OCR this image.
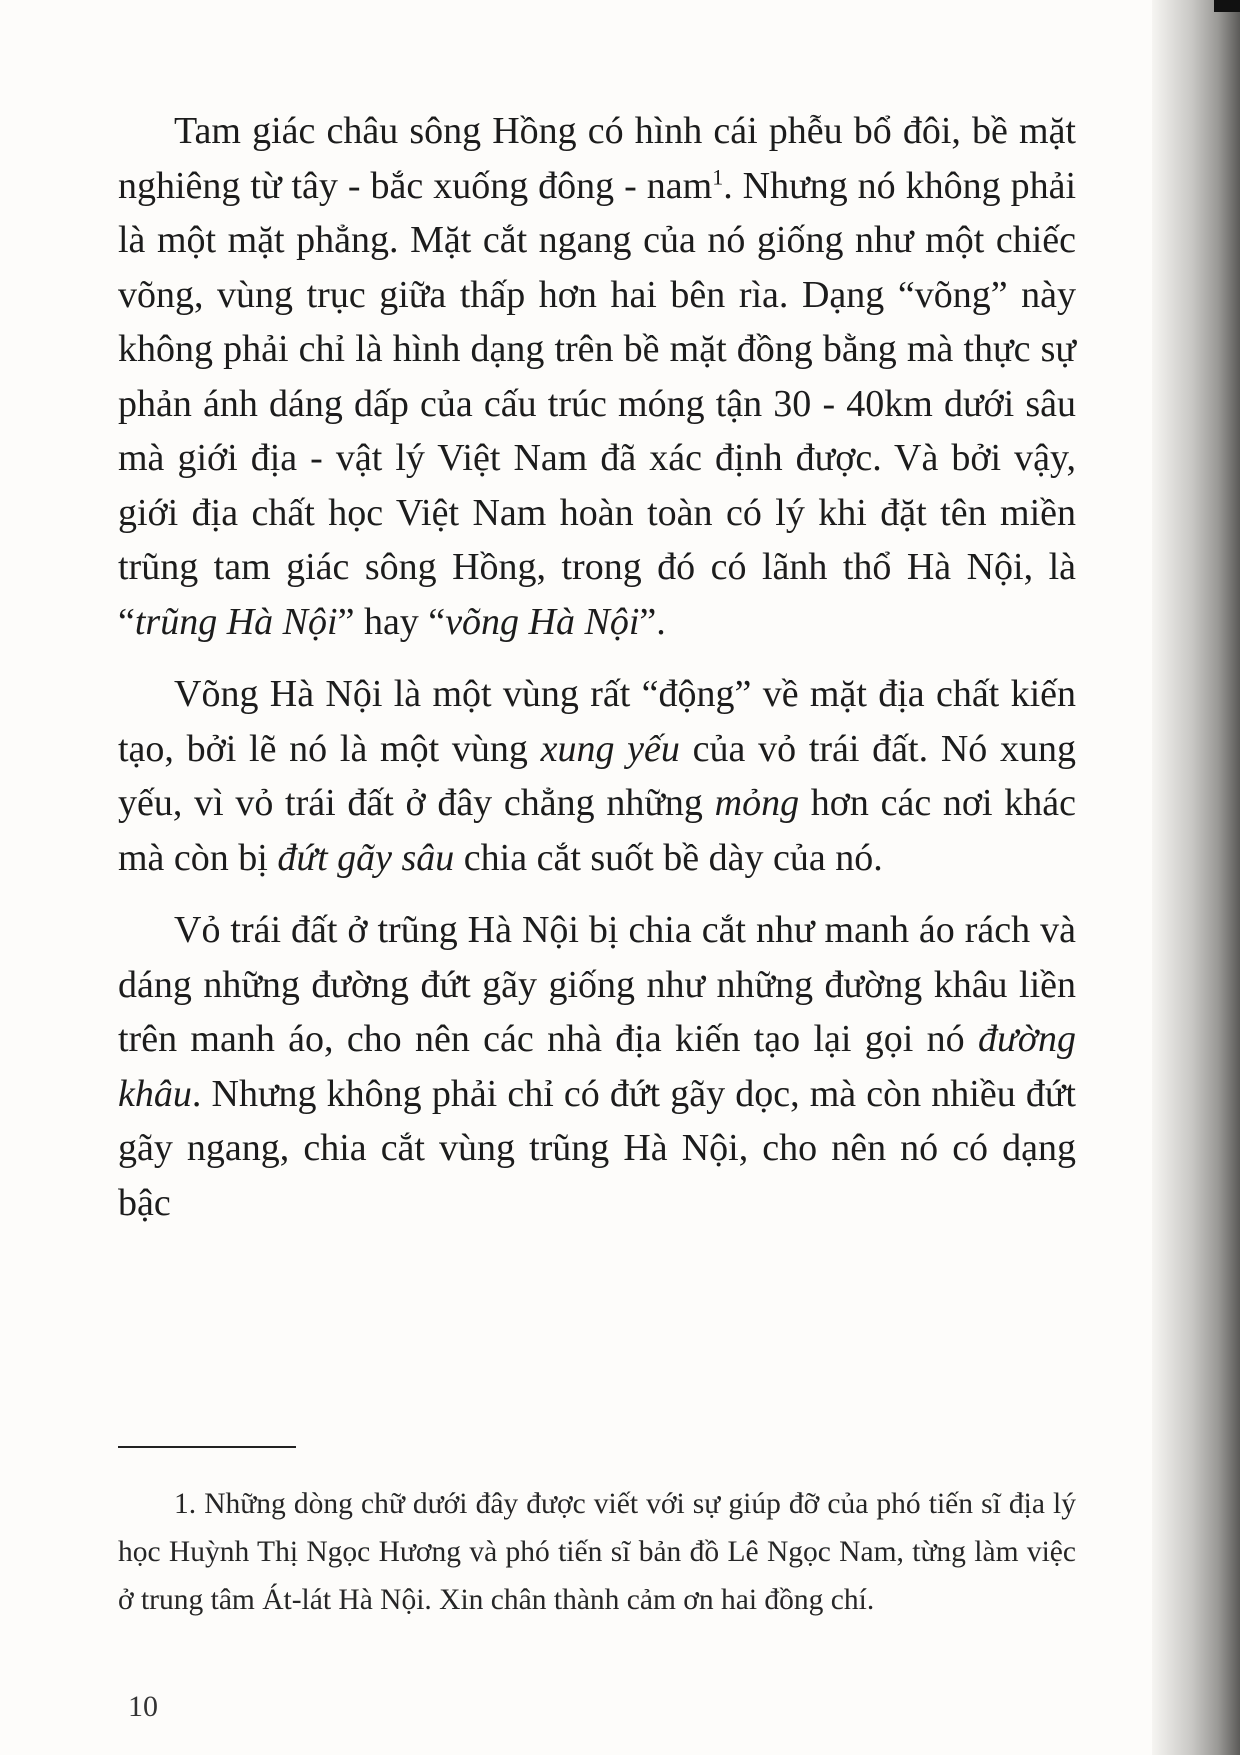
Tam giác châu sông Hồng có hình cái phễu bổ đôi, bề mặt nghiêng từ tây - bắc xuống đông - nam$^1$. Nhưng nó không phải là một mặt phẳng. Mặt cắt ngang của nó giống như một chiếc võng, vùng trục giữa thấp hơn hai bên rìa. Dạng “võng” này không phải chỉ là hình dạng trên bề mặt đồng bằng mà thực sự phản ánh dáng dấp của cấu trúc móng tận 30 - 40km dưới sâu mà giới địa - vật lý Việt Nam đã xác định được. Và bởi vậy, giới địa chất học Việt Nam hoàn toàn có lý khi đặt tên miền trũng tam giác sông Hồng, trong đó có lãnh thổ Hà Nội, là “trũng Hà Nội” hay “võng Hà Nội”.

Võng Hà Nội là một vùng rất “động” về mặt địa chất kiến tạo, bởi lẽ nó là một vùng xung yếu của vỏ trái đất. Nó xung yếu, vì vỏ trái đất ở đây chẳng những mỏng hơn các nơi khác mà còn bị đứt gãy sâu chia cắt suốt bề dày của nó.

Vỏ trái đất ở trũng Hà Nội bị chia cắt như manh áo rách và dáng những đường đứt gãy giống như những đường khâu liền trên manh áo, cho nên các nhà địa kiến tạo lại gọi nó đường khâu. Nhưng không phải chỉ có đứt gãy dọc, mà còn nhiều đứt gãy ngang, chia cắt vùng trũng Hà Nội, cho nên nó có dạng bậc

1. Những dòng chữ dưới đây được viết với sự giúp đỡ của phó tiến sĩ địa lý học Huỳnh Thị Ngọc Hương và phó tiến sĩ bản đồ Lê Ngọc Nam, từng làm việc ở trung tâm Át-lát Hà Nội. Xin chân thành cảm ơn hai đồng chí.

10
